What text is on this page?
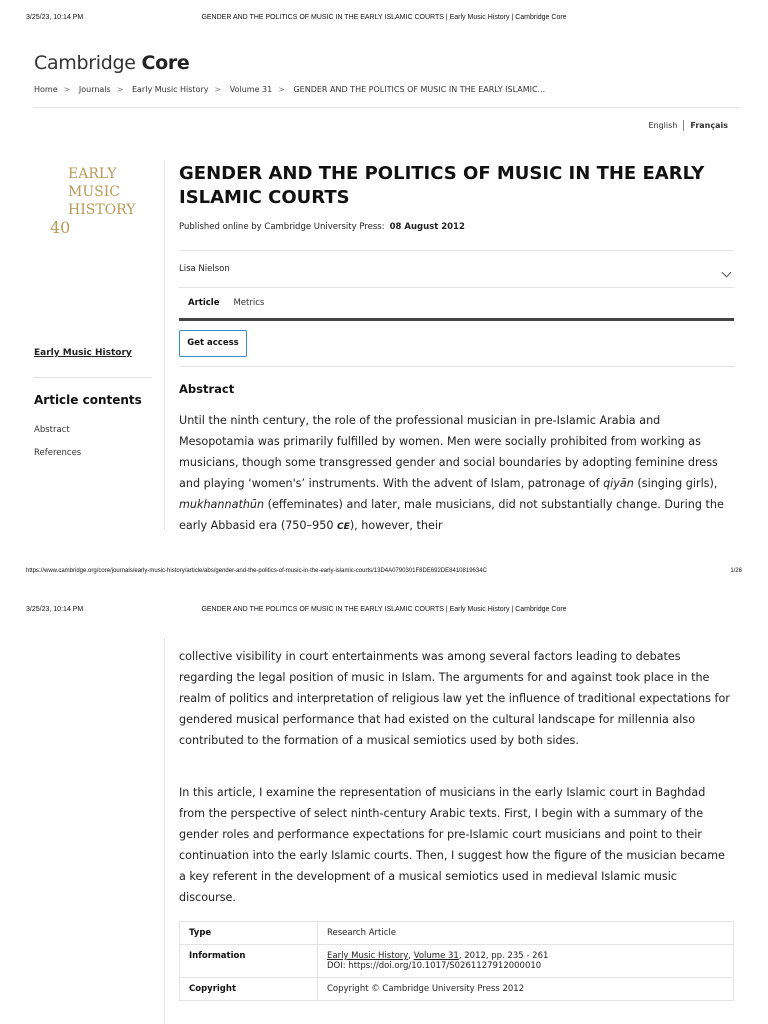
3/25/23, 10:14 PM	GENDER AND THE POLITICS OF MUSIC IN THE EARLY ISLAMIC COURTS | Early Music History | Cambridge Core
Cambridge Core
Home > Journals > Early Music History > Volume 31 > GENDER AND THE POLITICS OF MUSIC IN THE EARLY ISLAMIC...
English Français
EARLY
MUSIC
HISTORY
40
Early Music History
Article contents
Abstract
References
GENDER AND THE POLITICS OF MUSIC IN THE EARLY ISLAMIC COURTS
Published online by Cambridge University Press: 08 August 2012
Lisa Nielson
Article Metrics
Get access
Abstract
Until the ninth century, the role of the professional musician in pre-Islamic Arabia and Mesopotamia was primarily fulfilled by women. Men were socially prohibited from working as musicians, though some transgressed gender and social boundaries by adopting feminine dress and playing ‘women's’ instruments. With the advent of Islam, patronage of qiyān (singing girls), mukhannathūn (effeminates) and later, male musicians, did not substantially change. During the early Abbasid era (750–950 CE), however, their
https://www.cambridge.org/core/journals/early-music-history/article/abs/gender-and-the-politics-of-music-in-the-early-islamic-courts/13D4A0790301F8DE692DE8410819634C	1/26
3/25/23, 10:14 PM	GENDER AND THE POLITICS OF MUSIC IN THE EARLY ISLAMIC COURTS | Early Music History | Cambridge Core
collective visibility in court entertainments was among several factors leading to debates regarding the legal position of music in Islam. The arguments for and against took place in the realm of politics and interpretation of religious law yet the influence of traditional expectations for gendered musical performance that had existed on the cultural landscape for millennia also contributed to the formation of a musical semiotics used by both sides.
In this article, I examine the representation of musicians in the early Islamic court in Baghdad from the perspective of select ninth-century Arabic texts. First, I begin with a summary of the gender roles and performance expectations for pre-Islamic court musicians and point to their continuation into the early Islamic courts. Then, I suggest how the figure of the musician became a key referent in the development of a musical semiotics used in medieval Islamic music discourse.
Type	Research Article
Information	Early Music History, Volume 31, 2012, pp. 235 - 261
DOI: https://doi.org/10.1017/S0261127912000010
Copyright	Copyright © Cambridge University Press 2012
